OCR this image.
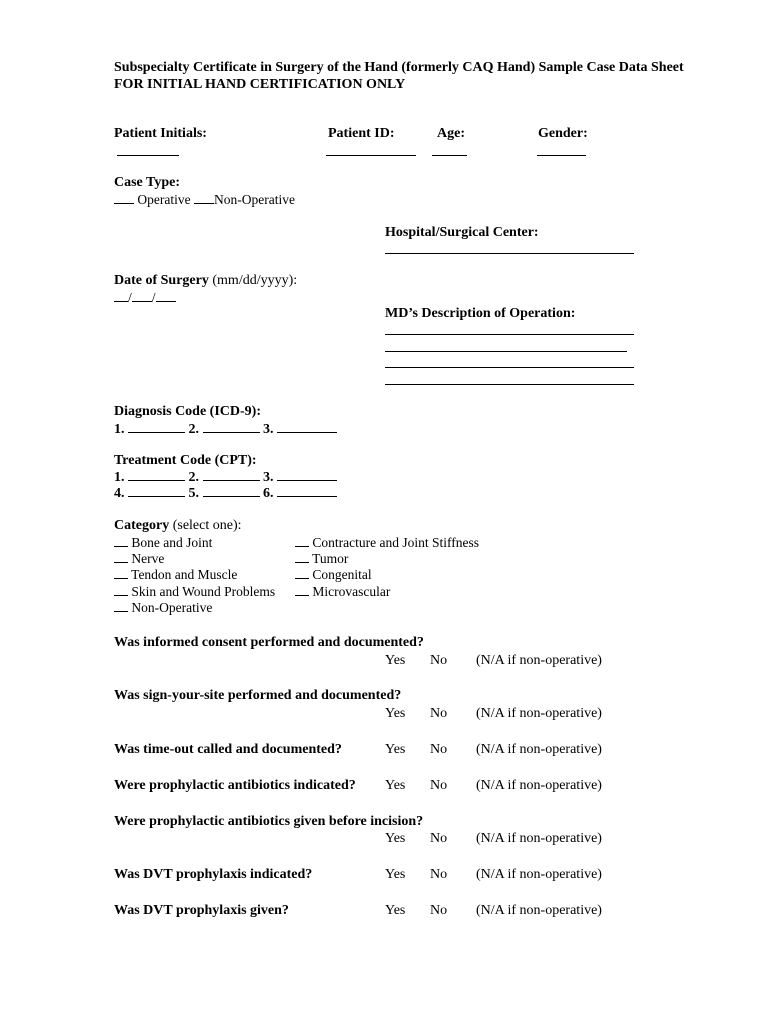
Subspecialty Certificate in Surgery of the Hand (formerly CAQ Hand) Sample Case Data Sheet
FOR INITIAL HAND CERTIFICATION ONLY
Patient Initials:	Patient ID:	Age:	Gender:
Case Type:
Operative Non-Operative
Hospital/Surgical Center:
Date of Surgery (mm/dd/yyyy):
/ /
MD’s Description of Operation:
Diagnosis Code (ICD-9):
1.	2.	3.
Treatment Code (CPT):
1.	2.	3.
4.	5.	6.
Category (select one):
Bone and Joint
Nerve
Tendon and Muscle
Skin and Wound Problems
Non-Operative
Contracture and Joint Stiffness
Tumor
Congenital
Microvascular
Was informed consent performed and documented?
Yes No (N/A if non-operative)
Was sign-your-site performed and documented?
Yes No (N/A if non-operative)
Was time-out called and documented?	Yes No (N/A if non-operative)
Were prophylactic antibiotics indicated? Yes No (N/A if non-operative)
Were prophylactic antibiotics given before incision?
Yes No (N/A if non-operative)
Was DVT prophylaxis indicated?	Yes No (N/A if non-operative)
Was DVT prophylaxis given?	Yes No (N/A if non-operative)
